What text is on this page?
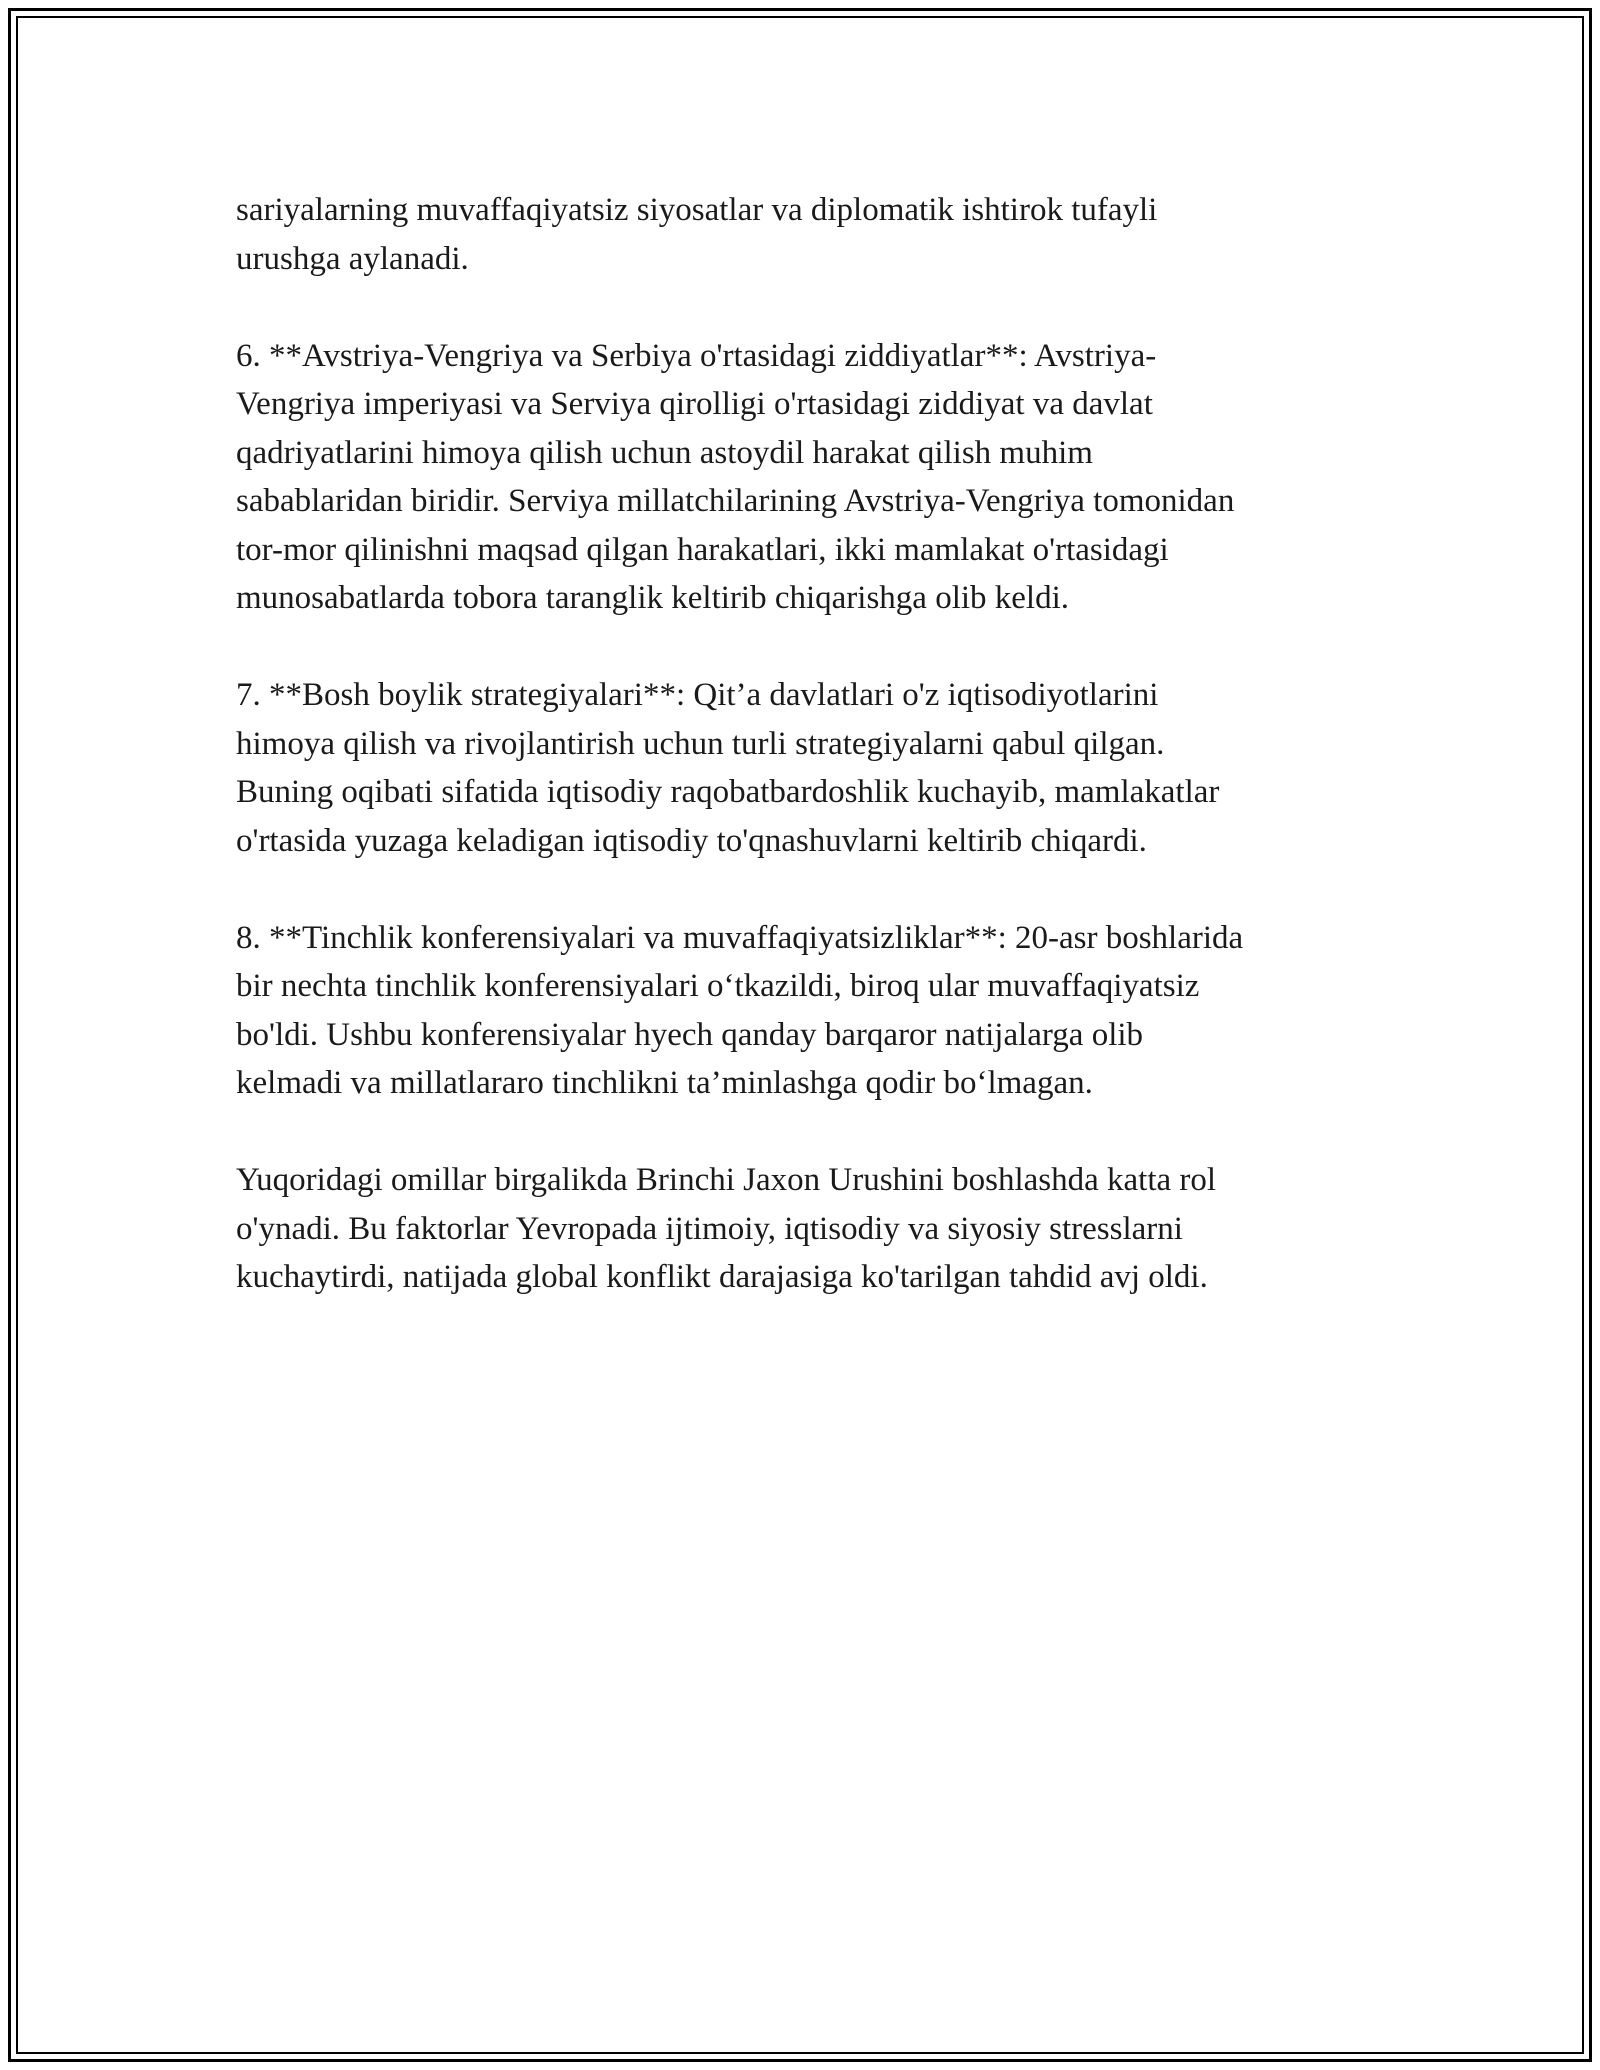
sariyalarning muvaffaqiyatsiz siyosatlar va diplomatik ishtirok tufayli
urushga aylanadi.

6. **Avstriya-Vengriya va Serbiya o'rtasidagi ziddiyatlar**: Avstriya-
Vengriya imperiyasi va Serviya qirolligi o'rtasidagi ziddiyat va davlat
qadriyatlarini himoya qilish uchun astoydil harakat qilish muhim
sabablaridan biridir. Serviya millatchilarining Avstriya-Vengriya tomonidan
tor-mor qilinishni maqsad qilgan harakatlari, ikki mamlakat o'rtasidagi
munosabatlarda tobora taranglik keltirib chiqarishga olib keldi.

7. **Bosh boylik strategiyalari**: Qit’a davlatlari o'z iqtisodiyotlarini
himoya qilish va rivojlantirish uchun turli strategiyalarni qabul qilgan.
Buning oqibati sifatida iqtisodiy raqobatbardoshlik kuchayib, mamlakatlar
o'rtasida yuzaga keladigan iqtisodiy to'qnashuvlarni keltirib chiqardi.

8. **Tinchlik konferensiyalari va muvaffaqiyatsizliklar**: 20-asr boshlarida
bir nechta tinchlik konferensiyalari o‘tkazildi, biroq ular muvaffaqiyatsiz
bo'ldi. Ushbu konferensiyalar hyech qanday barqaror natijalarga olib
kelmadi va millatlararo tinchlikni ta’minlashga qodir bo‘lmagan.

Yuqoridagi omillar birgalikda Brinchi Jaxon Urushini boshlashda katta rol
o'ynadi. Bu faktorlar Yevropada ijtimoiy, iqtisodiy va siyosiy stresslarni
kuchaytirdi, natijada global konflikt darajasiga ko'tarilgan tahdid avj oldi.
